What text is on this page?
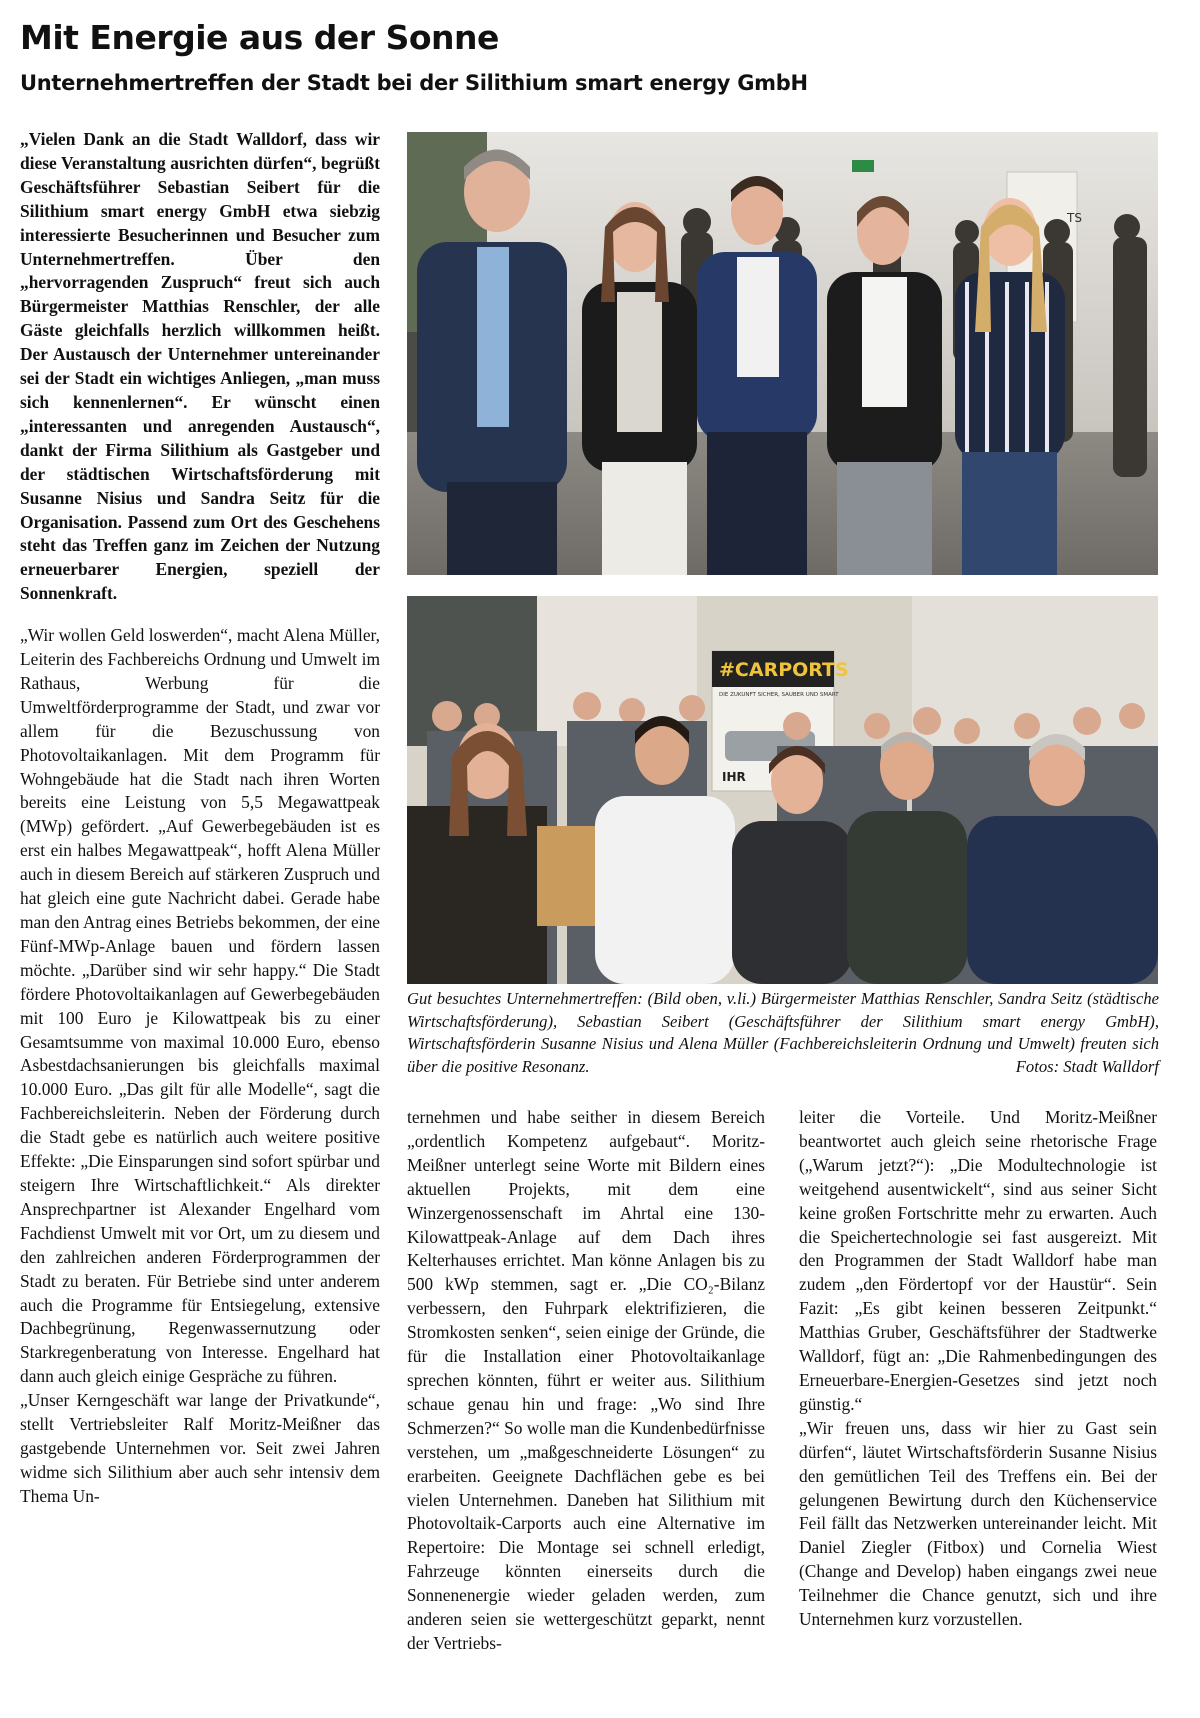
Mit Energie aus der Sonne
Unternehmertreffen der Stadt bei der Silithium smart energy GmbH

„Vielen Dank an die Stadt Walldorf, dass wir diese Veranstaltung ausrichten dürfen“, begrüßt Geschäftsführer Sebastian Seibert für die Silithium smart energy GmbH etwa siebzig interessierte Besucherinnen und Besucher zum Unternehmertreffen. Über den „hervorragenden Zuspruch“ freut sich auch Bürgermeister Matthias Renschler, der alle Gäste gleichfalls herzlich willkommen heißt. Der Austausch der Unternehmer untereinander sei der Stadt ein wichtiges Anliegen, „man muss sich kennenlernen“. Er wünscht einen „interessanten und anregenden Austausch“, dankt der Firma Silithium als Gastgeber und der städtischen Wirtschaftsförderung mit Susanne Nisius und Sandra Seitz für die Organisation. Passend zum Ort des Geschehens steht das Treffen ganz im Zeichen der Nutzung erneuerbarer Energien, speziell der Sonnenkraft.

„Wir wollen Geld loswerden“, macht Alena Müller, Leiterin des Fachbereichs Ordnung und Umwelt im Rathaus, Werbung für die Umweltförderprogramme der Stadt, und zwar vor allem für die Bezuschussung von Photovoltaikanlagen. Mit dem Programm für Wohngebäude hat die Stadt nach ihren Worten bereits eine Leistung von 5,5 Megawattpeak (MWp) gefördert. „Auf Gewerbegebäuden ist es erst ein halbes Megawattpeak“, hofft Alena Müller auch in diesem Bereich auf stärkeren Zuspruch und hat gleich eine gute Nachricht dabei. Gerade habe man den Antrag eines Betriebs bekommen, der eine Fünf-MWp-Anlage bauen und fördern lassen möchte. „Darüber sind wir sehr happy.“ Die Stadt fördere Photovoltaikanlagen auf Gewerbegebäuden mit 100 Euro je Kilowattpeak bis zu einer Gesamtsumme von maximal 10.000 Euro, ebenso Asbestdachsanierungen bis gleichfalls maximal 10.000 Euro. „Das gilt für alle Modelle“, sagt die Fachbereichsleiterin. Neben der Förderung durch die Stadt gebe es natürlich auch weitere positive Effekte: „Die Einsparungen sind sofort spürbar und steigern Ihre Wirtschaftlichkeit.“ Als direkter Ansprechpartner ist Alexander Engelhard vom Fachdienst Umwelt mit vor Ort, um zu diesem und den zahlreichen anderen Förderprogrammen der Stadt zu beraten. Für Betriebe sind unter anderem auch die Programme für Entsiegelung, extensive Dachbegrünung, Regenwassernutzung oder Starkregenberatung von Interesse. Engelhard hat dann auch gleich einige Gespräche zu führen.

„Unser Kerngeschäft war lange der Privatkunde“, stellt Vertriebsleiter Ralf Moritz-Meißner das gastgebende Unternehmen vor. Seit zwei Jahren widme sich Silithium aber auch sehr intensiv dem Thema Un-

TS
#CARPORTS
DIE ZUKUNFT SICHER, SAUBER UND SMART
IHR
Gut besuchtes Unternehmertreffen: (Bild oben, v.li.) Bürgermeister Matthias Renschler, Sandra Seitz (städtische Wirtschaftsförderung), Sebastian Seibert (Geschäftsführer der Silithium smart energy GmbH), Wirtschaftsförderin Susanne Nisius und Alena Müller (Fachbereichsleiterin Ordnung und Umwelt) freuten sich über die positive Resonanz.	Fotos: Stadt Walldorf

ternehmen und habe seither in diesem Bereich „ordentlich Kompetenz aufgebaut“. Moritz-Meißner unterlegt seine Worte mit Bildern eines aktuellen Projekts, mit dem eine Winzergenossenschaft im Ahrtal eine 130-Kilowattpeak-Anlage auf dem Dach ihres Kelterhauses errichtet. Man könne Anlagen bis zu 500 kWp stemmen, sagt er. „Die CO₂-Bilanz verbessern, den Fuhrpark elektrifizieren, die Stromkosten senken“, seien einige der Gründe, die für die Installation einer Photovoltaikanlage sprechen könnten, führt er weiter aus. Silithium schaue genau hin und frage: „Wo sind Ihre Schmerzen?“ So wolle man die Kundenbedürfnisse verstehen, um „maßgeschneiderte Lösungen“ zu erarbeiten. Geeignete Dachflächen gebe es bei vielen Unternehmen. Daneben hat Silithium mit Photovoltaik-Carports auch eine Alternative im Repertoire: Die Montage sei schnell erledigt, Fahrzeuge könnten einerseits durch die Sonnenenergie wieder geladen werden, zum anderen seien sie wettergeschützt geparkt, nennt der Vertriebs-

leiter die Vorteile. Und Moritz-Meißner beantwortet auch gleich seine rhetorische Frage („Warum jetzt?“): „Die Modultechnologie ist weitgehend ausentwickelt“, sind aus seiner Sicht keine großen Fortschritte mehr zu erwarten. Auch die Speichertechnologie sei fast ausgereizt. Mit den Programmen der Stadt Walldorf habe man zudem „den Fördertopf vor der Haustür“. Sein Fazit: „Es gibt keinen besseren Zeitpunkt.“ Matthias Gruber, Geschäftsführer der Stadtwerke Walldorf, fügt an: „Die Rahmenbedingungen des Erneuerbare-Energien-Gesetzes sind jetzt noch günstig.“

„Wir freuen uns, dass wir hier zu Gast sein dürfen“, läutet Wirtschaftsförderin Susanne Nisius den gemütlichen Teil des Treffens ein. Bei der gelungenen Bewirtung durch den Küchenservice Feil fällt das Netzwerken untereinander leicht. Mit Daniel Ziegler (Fitbox) und Cornelia Wiest (Change and Develop) haben eingangs zwei neue Teilnehmer die Chance genutzt, sich und ihre Unternehmen kurz vorzustellen.
